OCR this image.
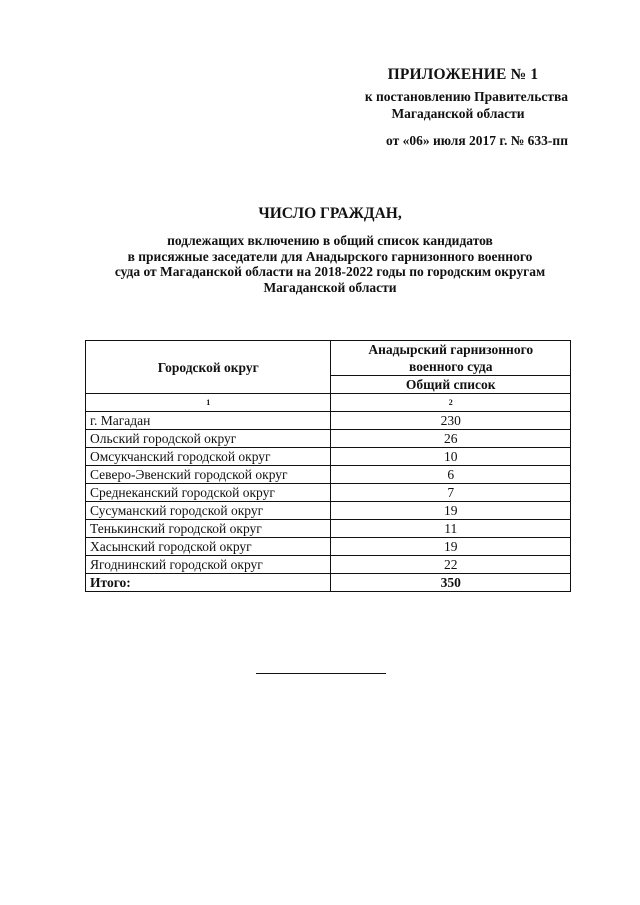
ПРИЛОЖЕНИЕ № 1
к постановлению Правительства
Магаданской области
от «06» июля 2017 г. № 633-пп
ЧИСЛО ГРАЖДАН,
подлежащих включению в общий список кандидатов
в присяжные заседатели для Анадырского гарнизонного военного
суда от Магаданской области на 2018-2022 годы по городским округам
Магаданской области
Городской округ	Анадырский гарнизонного
военного суда
	Общий список
1	2
г. Магадан	230
Ольский городской округ	26
Омсукчанский городской округ	10
Северо-Эвенский городской округ	6
Среднеканский городской округ	7
Сусуманский городской округ	19
Тенькинский городской округ	11
Хасынский городской округ	19
Ягоднинский городской округ	22
Итого:	350
